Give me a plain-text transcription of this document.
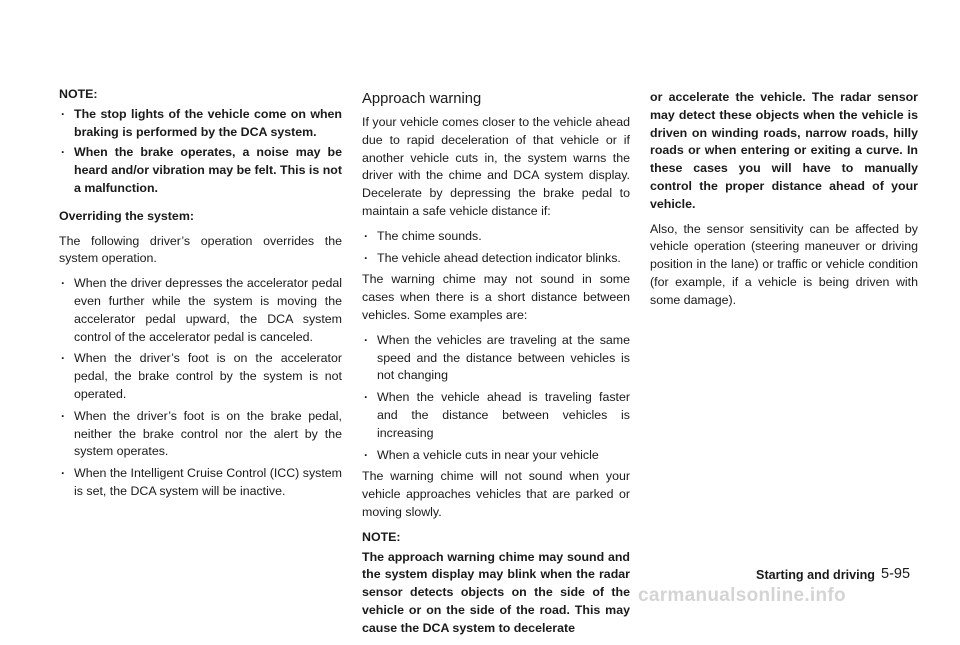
NOTE:

. The stop lights of the vehicle come on when braking is performed by the DCA system.
. When the brake operates, a noise may be heard and/or vibration may be felt. This is not a malfunction.

Overriding the system:

The following driver’s operation overrides the system operation.

. When the driver depresses the accelerator pedal even further while the system is moving the accelerator pedal upward, the DCA system control of the accelerator pedal is canceled.
. When the driver’s foot is on the accelerator pedal, the brake control by the system is not operated.
. When the driver’s foot is on the brake pedal, neither the brake control nor the alert by the system operates.
. When the Intelligent Cruise Control (ICC) system is set, the DCA system will be inactive.
Approach warning

If your vehicle comes closer to the vehicle ahead due to rapid deceleration of that vehicle or if another vehicle cuts in, the system warns the driver with the chime and DCA system display. Decelerate by depressing the brake pedal to maintain a safe vehicle distance if:

. The chime sounds.
. The vehicle ahead detection indicator blinks.

The warning chime may not sound in some cases when there is a short distance between vehicles. Some examples are:

. When the vehicles are traveling at the same speed and the distance between vehicles is not changing
. When the vehicle ahead is traveling faster and the distance between vehicles is increasing
. When a vehicle cuts in near your vehicle

The warning chime will not sound when your vehicle approaches vehicles that are parked or moving slowly.

NOTE:

The approach warning chime may sound and the system display may blink when the radar sensor detects objects on the side of the vehicle or on the side of the road. This may cause the DCA system to decelerate

or accelerate the vehicle. The radar sensor may detect these objects when the vehicle is driven on winding roads, narrow roads, hilly roads or when entering or exiting a curve. In these cases you will have to manually control the proper distance ahead of your vehicle.

Also, the sensor sensitivity can be affected by vehicle operation (steering maneuver or driving position in the lane) or traffic or vehicle condition (for example, if a vehicle is being driven with some damage).

Starting and driving 5-95
carmanualsonline.info
